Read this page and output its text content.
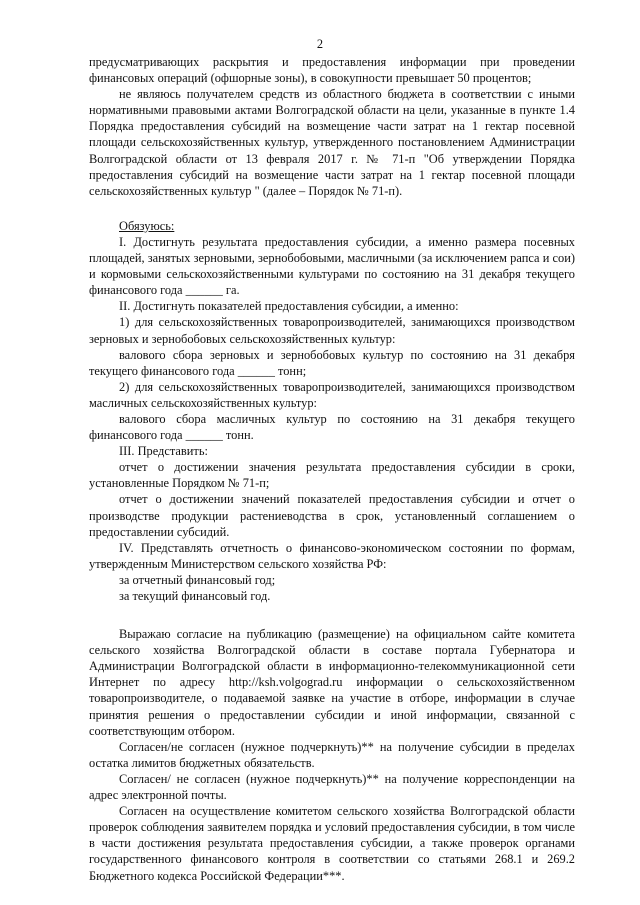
2

предусматривающих раскрытия и предоставления информации при проведении финансовых операций (офшорные зоны), в совокупности превышает 50 процентов;

не являюсь получателем средств из областного бюджета в соответствии с иными нормативными правовыми актами Волгоградской области на цели, указанные в пункте 1.4 Порядка предоставления субсидий на возмещение части затрат на 1 гектар посевной площади сельскохозяйственных культур, утвержденного постановлением Администрации Волгоградской области от 13 февраля 2017 г. № 71-п "Об утверждении Порядка предоставления субсидий на возмещение части затрат на 1 гектар посевной площади сельскохозяйственных культур " (далее – Порядок № 71-п).

Обязуюсь:

I. Достигнуть результата предоставления субсидии, а именно размера посевных площадей, занятых зерновыми, зернобобовыми, масличными (за исключением рапса и сои) и кормовыми сельскохозяйственными культурами по состоянию на 31 декабря текущего финансового года ______ га.

II. Достигнуть показателей предоставления субсидии, а именно:

1) для сельскохозяйственных товаропроизводителей, занимающихся производством зерновых и зернобобовых сельскохозяйственных культур:

валового сбора зерновых и зернобобовых культур по состоянию на 31 декабря текущего финансового года ______ тонн;

2) для сельскохозяйственных товаропроизводителей, занимающихся производством масличных сельскохозяйственных культур:

валового сбора масличных культур по состоянию на 31 декабря текущего финансового года ______ тонн.

III. Представить:

отчет о достижении значения результата предоставления субсидии в сроки, установленные Порядком № 71-п;

отчет о достижении значений показателей предоставления субсидии и отчет о производстве продукции растениеводства в срок, установленный соглашением о предоставлении субсидий.

IV. Представлять отчетность о финансово-экономическом состоянии по формам, утвержденным Министерством сельского хозяйства РФ:

за отчетный финансовый год;

за текущий финансовый год.

Выражаю согласие на публикацию (размещение) на официальном сайте комитета сельского хозяйства Волгоградской области в составе портала Губернатора и Администрации Волгоградской области в информационно-телекоммуникационной сети Интернет по адресу http://ksh.volgograd.ru информации о сельскохозяйственном товаропроизводителе, о подаваемой заявке на участие в отборе, информации в случае принятия решения о предоставлении субсидии и иной информации, связанной с соответствующим отбором.

Согласен/не согласен (нужное подчеркнуть)** на получение субсидии в пределах остатка лимитов бюджетных обязательств.

Согласен/ не согласен (нужное подчеркнуть)** на получение корреспонденции на адрес электронной почты.

Согласен на осуществление комитетом сельского хозяйства Волгоградской области проверок соблюдения заявителем порядка и условий предоставления субсидии, в том числе в части достижения результата предоставления субсидии, а также проверок органами государственного финансового контроля в соответствии со статьями 268.1 и 269.2 Бюджетного кодекса Российской Федерации***.
